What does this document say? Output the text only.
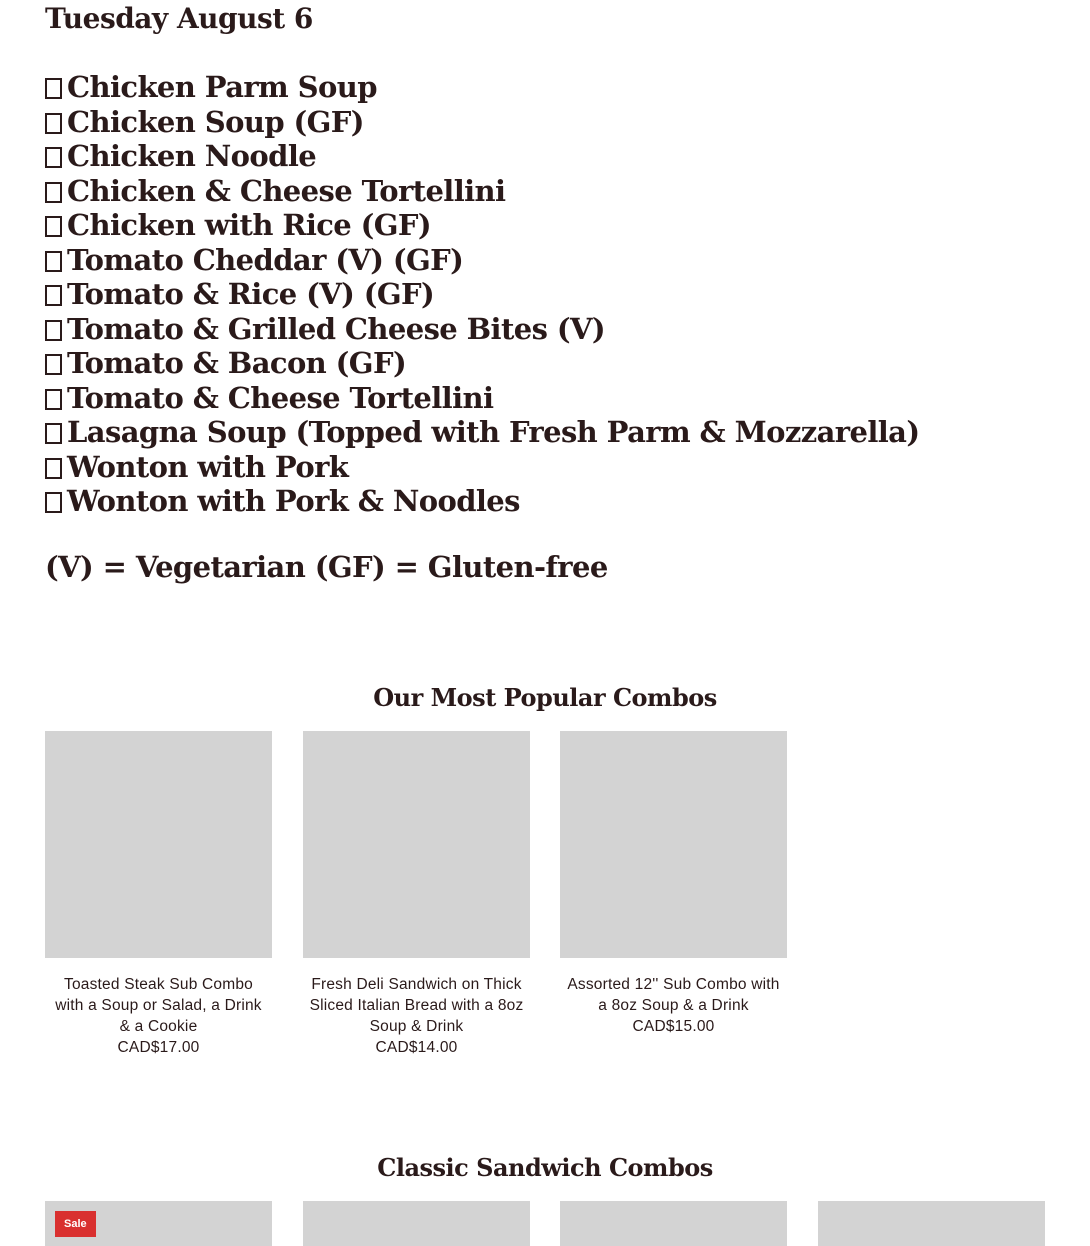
Tuesday August 6
Chicken Parm Soup
Chicken Soup (GF)
Chicken Noodle
Chicken & Cheese Tortellini
Chicken with Rice (GF)
Tomato Cheddar (V) (GF)
Tomato & Rice (V) (GF)
Tomato & Grilled Cheese Bites (V)
Tomato & Bacon (GF)
Tomato & Cheese Tortellini
Lasagna Soup (Topped with Fresh Parm & Mozzarella)
Wonton with Pork
Wonton with Pork & Noodles

(V) = Vegetarian (GF) = Gluten-free

Our Most Popular Combos
Toasted Steak Sub Combo with a Soup or Salad, a Drink & a Cookie
CAD$17.00
Fresh Deli Sandwich on Thick Sliced Italian Bread with a 8oz Soup & Drink
CAD$14.00
Assorted 12'' Sub Combo with a 8oz Soup & a Drink
CAD$15.00
Classic Sandwich Combos
Sale
